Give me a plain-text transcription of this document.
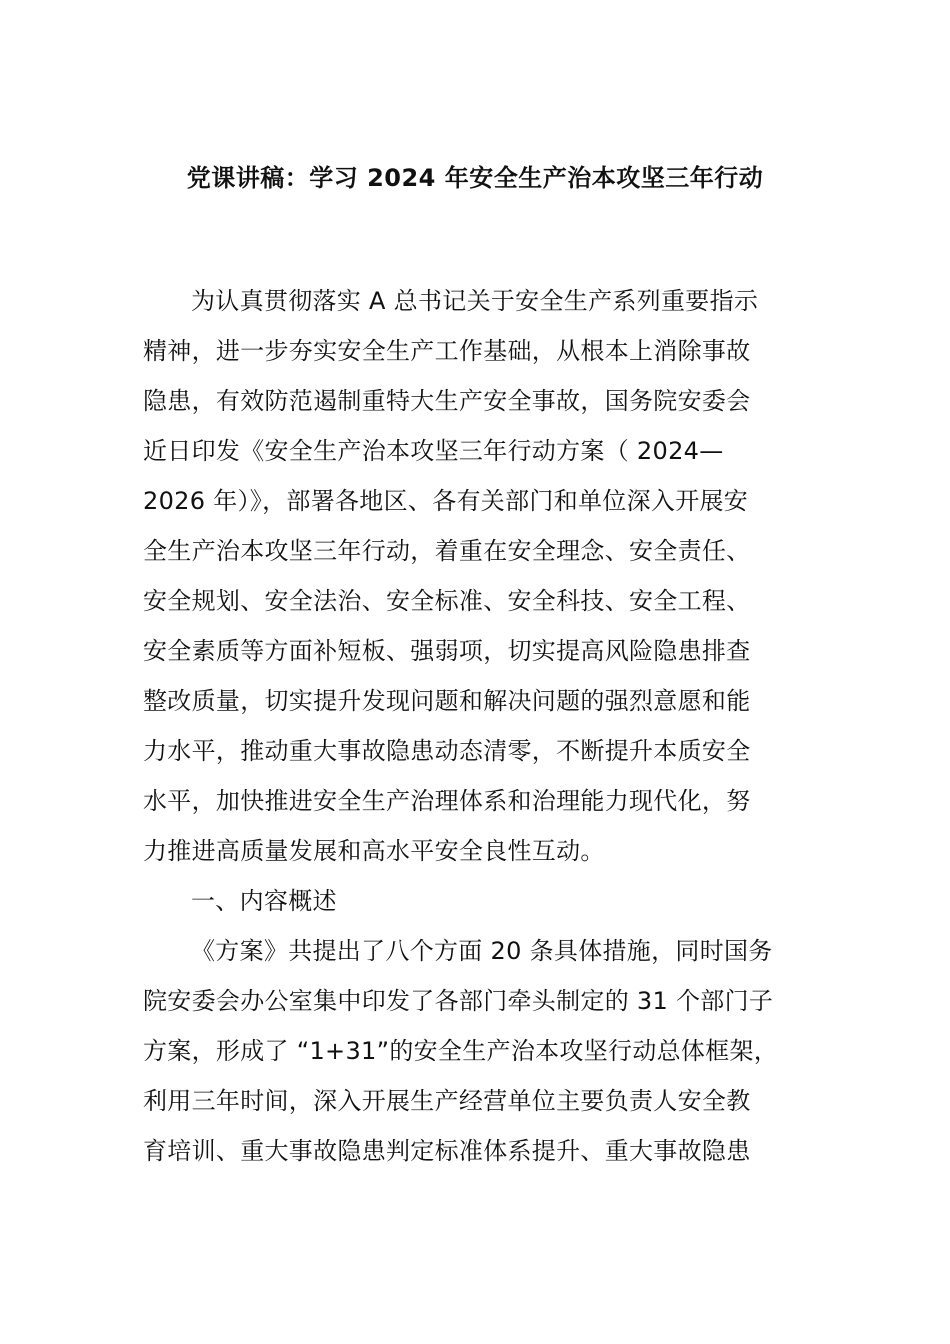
党课讲稿：学习 2024 年安全生产治本攻坚三年行动
为认真贯彻落实 A 总书记关于安全生产系列重要指示
精神，进一步夯实安全生产工作基础，从根本上消除事故
隐患，有效防范遏制重特大生产安全事故，国务院安委会
近日印发《安全生产治本攻坚三年行动方案（ 2024—
2026 年）》，部署各地区、各有关部门和单位深入开展安
全生产治本攻坚三年行动，着重在安全理念、安全责任、
安全规划、安全法治、安全标准、安全科技、安全工程、
安全素质等方面补短板、强弱项，切实提高风险隐患排查
整改质量，切实提升发现问题和解决问题的强烈意愿和能
力水平，推动重大事故隐患动态清零，不断提升本质安全
水平，加快推进安全生产治理体系和治理能力现代化，努
力推进高质量发展和高水平安全良性互动。
一、内容概述
《方案》共提出了八个方面 20 条具体措施，同时国务
院安委会办公室集中印发了各部门牵头制定的 31 个部门子
方案，形成了 “1+31”的安全生产治本攻坚行动总体框架，
利用三年时间，深入开展生产经营单位主要负责人安全教
育培训、重大事故隐患判定标准体系提升、重大事故隐患
